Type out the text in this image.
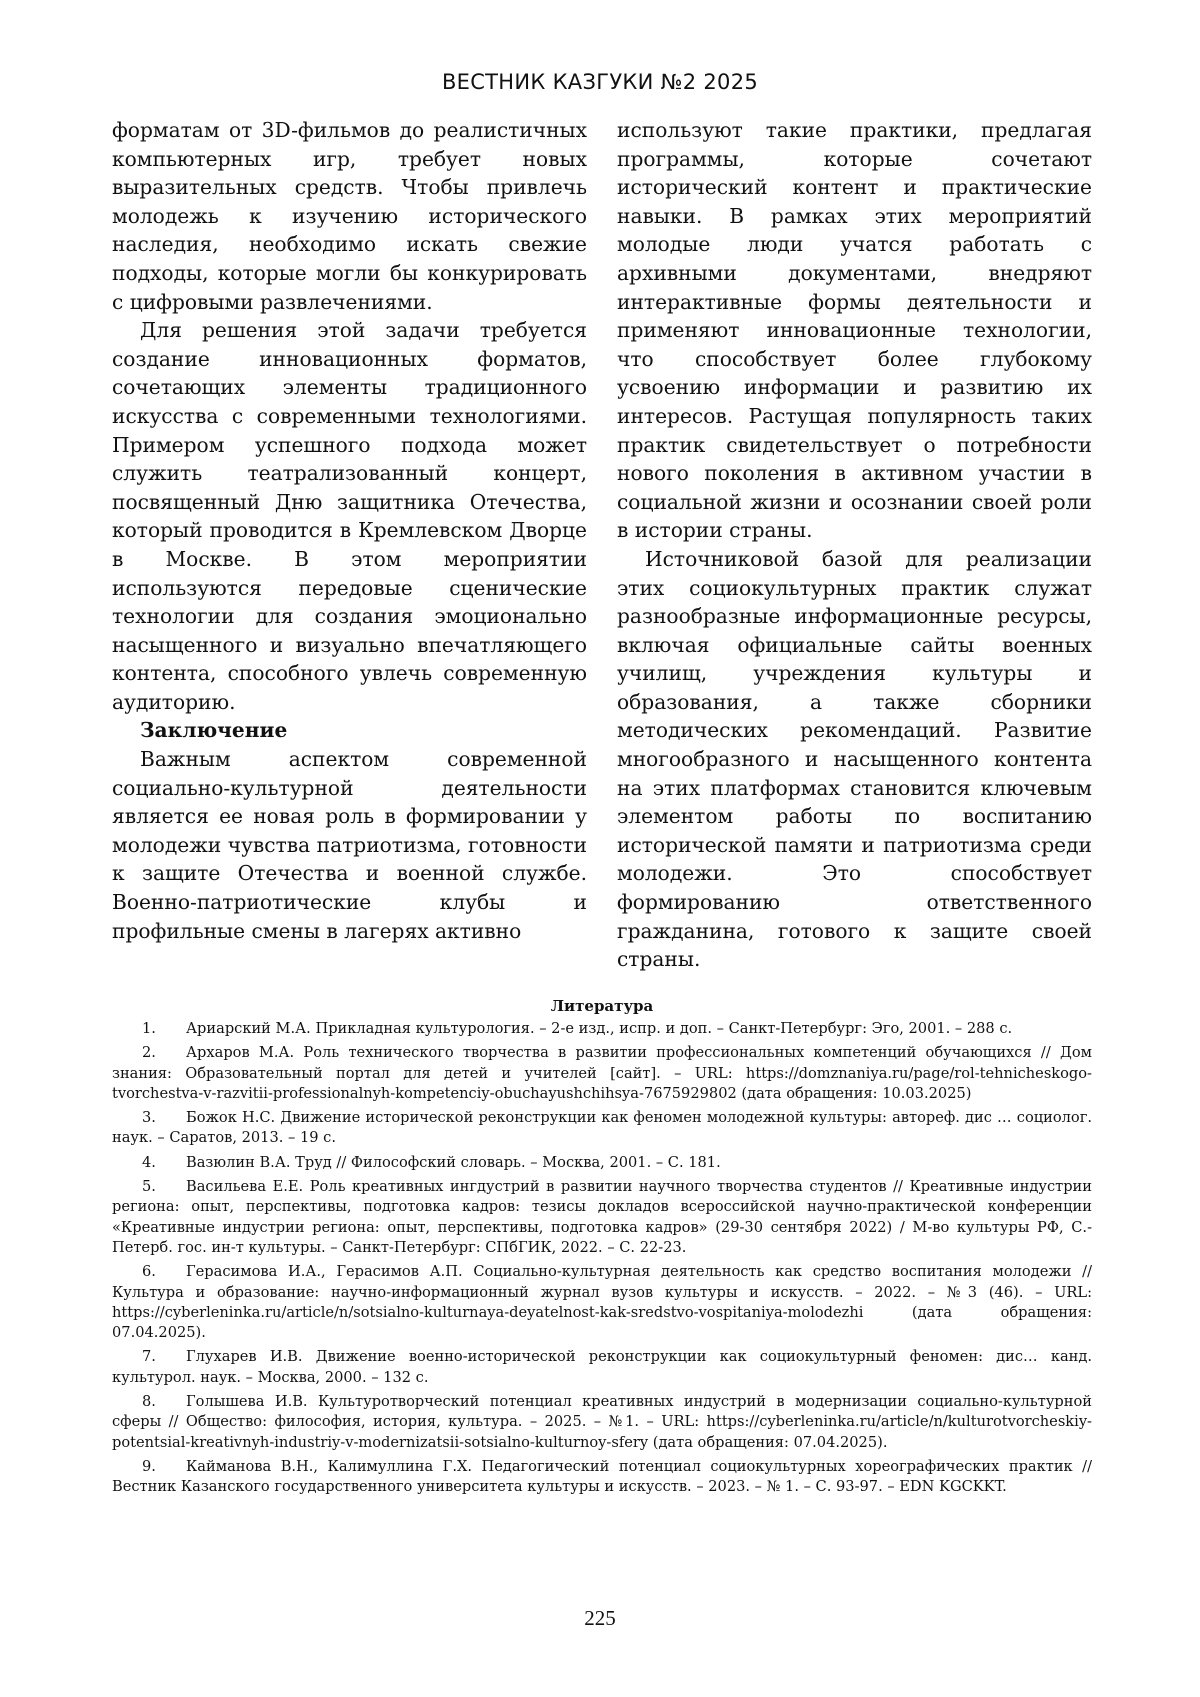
ВЕСТНИК КАЗГУКИ №2 2025

форматам от 3D-фильмов до реалистичных компьютерных игр, требует новых выразительных средств. Чтобы привлечь молодежь к изучению исторического наследия, необходимо искать свежие подходы, которые могли бы конкурировать с цифровыми развлечениями.

Для решения этой задачи требуется создание инновационных форматов, сочетающих элементы традиционного искусства с современными технологиями. Примером успешного подхода может служить театрализованный концерт, посвященный Дню защитника Отечества, который проводится в Кремлевском Дворце в Москве. В этом мероприятии используются передовые сценические технологии для создания эмоционально насыщенного и визуально впечатляющего контента, способного увлечь современную аудиторию.

Заключение

Важным аспектом современной социально-культурной деятельности является ее новая роль в формировании у молодежи чувства патриотизма, готовности к защите Отечества и военной службе. Военно-патриотические клубы и профильные смены в лагерях активно

используют такие практики, предлагая программы, которые сочетают исторический контент и практические навыки. В рамках этих мероприятий молодые люди учатся работать с архивными документами, внедряют интерактивные формы деятельности и применяют инновационные технологии, что способствует более глубокому усвоению информации и развитию их интересов. Растущая популярность таких практик свидетельствует о потребности нового поколения в активном участии в социальной жизни и осознании своей роли в истории страны.

Источниковой базой для реализации этих социокультурных практик служат разнообразные информационные ресурсы, включая официальные сайты военных училищ, учреждения культуры и образования, а также сборники методических рекомендаций. Развитие многообразного и насыщенного контента на этих платформах становится ключевым элементом работы по воспитанию исторической памяти и патриотизма среди молодежи. Это способствует формированию ответственного гражданина, готового к защите своей страны.

Литература
1. Ариарский М.А. Прикладная культурология. – 2-е изд., испр. и доп. – Санкт-Петербург: Эго, 2001. – 288 с.
2. Архаров М.А. Роль технического творчества в развитии профессиональных компетенций обучающихся // Дом знания: Образовательный портал для детей и учителей [сайт]. – URL: https://domznaniya.ru/page/rol-tehnicheskogo-tvorchestva-v-razvitii-professionalnyh-kompetenciy-obuchayushchihsya-7675929802 (дата обращения: 10.03.2025)
3. Божок Н.С. Движение исторической реконструкции как феномен молодежной культуры: автореф. дис … социолог. наук. – Саратов, 2013. – 19 с.
4. Вазюлин В.А. Труд // Философский словарь. – Москва, 2001. – С. 181.
5. Васильева Е.Е. Роль креативных ингдустрий в развитии научного творчества студентов // Креативные индустрии региона: опыт, перспективы, подготовка кадров: тезисы докладов всероссийской научно-практической конференции «Креативные индустрии региона: опыт, перспективы, подготовка кадров» (29-30 сентября 2022) / М-во культуры РФ, С.-Петерб. гос. ин-т культуры. – Санкт-Петербург: СПбГИК, 2022. – С. 22-23.
6. Герасимова И.А., Герасимов А.П. Социально-культурная деятельность как средство воспитания молодежи // Культура и образование: научно-информационный журнал вузов культуры и искусств. – 2022. – №3 (46). – URL: https://cyberleninka.ru/article/n/sotsialno-kulturnaya-deyatelnost-kak-sredstvo-vospitaniya-molodezhi (дата обращения: 07.04.2025).
7. Глухарев И.В. Движение военно-исторической реконструкции как социокультурный феномен: дис… канд. культурол. наук. – Москва, 2000. – 132 с.
8. Голышева И.В. Культуротворческий потенциал креативных индустрий в модернизации социально-культурной сферы // Общество: философия, история, культура. – 2025. – №1. – URL: https://cyberleninka.ru/article/n/kulturotvorcheskiy-potentsial-kreativnyh-industriy-v-modernizatsii-sotsialno-kulturnoy-sfery (дата обращения: 07.04.2025).
9. Кайманова В.Н., Калимуллина Г.Х. Педагогический потенциал социокультурных хореографических практик // Вестник Казанского государственного университета культуры и искусств. – 2023. – № 1. – С. 93-97. – EDN KGCKKT.
225
